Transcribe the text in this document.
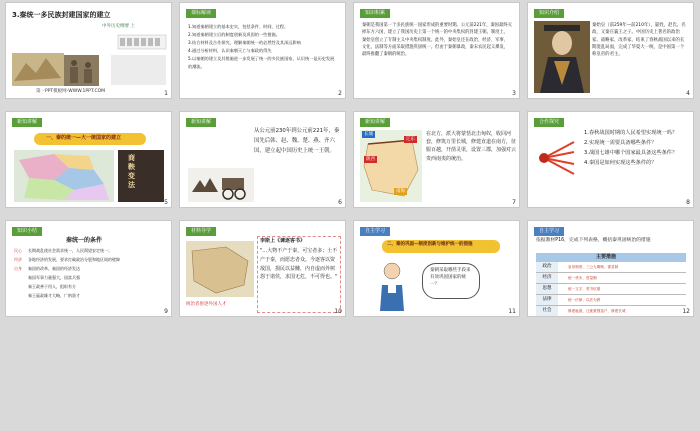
3.秦统一多民族封建国家的建立
中外历史纲要 上
第一PPT模板网-WWW.1PPT.COM	1
课标解读
1.知道秦朝建立的基本史实，包括条件、时间、过程。
2.知道秦朝建立后的制度创新及巩固的一些措施。
3.结合材料及合作探究，理解秦朝统一的必然性及其深远影响
4.通过分析材料，认识秦朝灭亡与秦政的得失
5.以秦朝的建立及其措施进一步发展了统一的多民族国家，认识统一是历史发展的潮流。
2
知识积累
秦朝是我国第一个多民族统一国家形成的重要时期。公元前221年，秦国最终灭掉东方六国，建立了我国历史上第一个统一的中央集权的封建王朝。制度上，秦始皇创立了专制主义中央集权制度。此外，秦始皇还在政治、经济、军事、文化、法制等方面采取措施巩固统一。但由于秦朝暴政，秦末农民起义爆发，最终推翻了秦朝的统治。
3
知识介绍
秦始皇（前259年—前210年），嬴姓，赵氏，名政，又秦庄襄王之子。中国历史上著名的政治家、战略家、改革家，结束了春秋战国以来的长期混乱局面，完成了华夏大一统，是中国第一个称皇帝的君主。
4
新知讲解
一、秦的统一—大一统国家的建立
商鞅变法
5
新知讲解
从公元前230年到公元前221年，秦国先后韩、赵、魏、楚、燕、齐六国，建立起中国历史上统一王朝。
6
新知讲解
长城
陇西
辽东
南海
在北方，派大将蒙恬北击匈奴，收回河套，修筑万里长城，修建直道在南方，征服百越，开凿灵渠，设置三郡，加强对云贵西南夷的统治。
7
合作探究
1.春秋战国时期的人民希望实现统一吗？
2.实现统一需要具备哪些条件？
3.战国七雄中哪个国家最具备这些条件？
4.秦国是如何实现这些条件的？
8
知识小结
秦统一的条件
民心 长期战乱使社会需求统一，人民渴望安定统一；
经济 各地经济的发展，要求打破政治分裂和地区间的壁障
自身 秦国的改革，秦国的经济发达
秦国军事力量强大，国富兵强
秦王政善于用人，组织有方
秦王嬴政雄才大略，广纳贤才
9
材料导学
统治者驱逐外国人才
李斯上《谏逐客书》
"…大物不产于秦，可宝者多；士不产于秦，而愿忠者众。今逐客以资敌国，损民以益雠，内自虚而外树怨于诸侯，求国无危，不可得也。"
10
自主学习
二、秦的巩固—制度创新与维护统一的措施
秦朝采取哪些手段来有效巩固国家的统一？
11
自主学习
依据教材P16，完成下列表格，概括秦巩固统治的措施
主要措施
政治	皇帝制度、三公九卿制、郡县制
经济	统一货币、度量衡
思想	统一文字、焚书坑儒
法律	统一法律、以法为教
社会	修建驰道、迁徙豪强富户、修建长城	12
